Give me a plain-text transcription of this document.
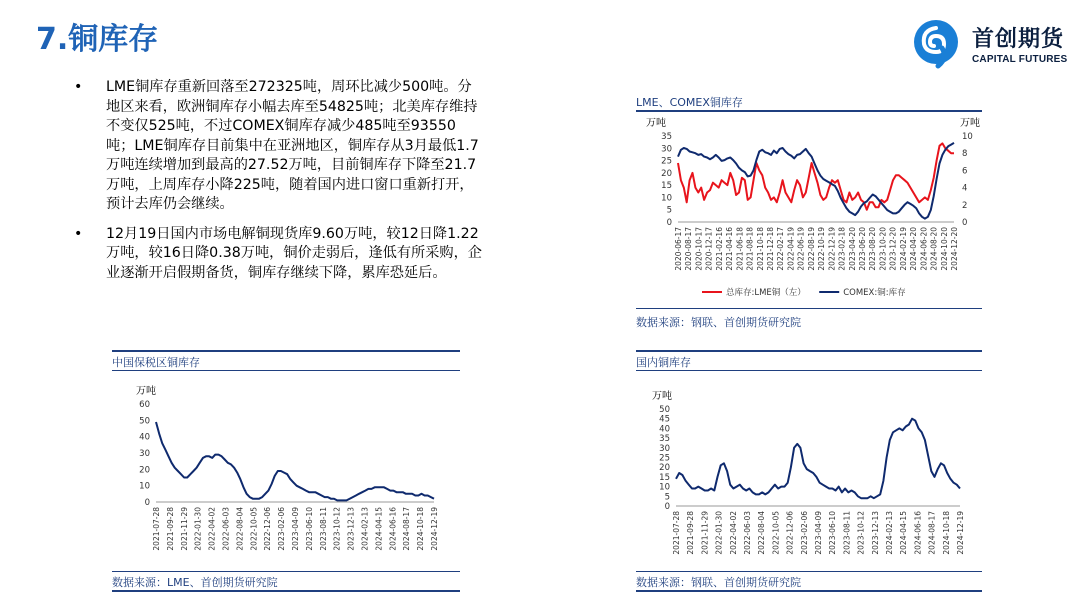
7.铜库存	首创期货
CAPITAL FUTURES
• LME铜库存重新回落至272325吨，周环比减少500吨。分地区来看，欧洲铜库存小幅去库至54825吨；北美库存维持不变仅525吨，不过COMEX铜库存减少485吨至93550吨；LME铜库存目前集中在亚洲地区，铜库存从3月最低1.7万吨连续增加到最高的27.52万吨，目前铜库存下降至21.7万吨，上周库存小降225吨，随着国内进口窗口重新打开，预计去库仍会继续。
• 12月19日国内市场电解铜现货库9.60万吨，较12日降1.22万吨，较16日降0.38万吨，铜价走弱后，逢低有所采购，企业逐渐开启假期备货，铜库存继续下降，累库恐延后。
LME、COMEX铜库存
万吨
0
5
10
15
20
25
30
35
万吨
0
2
4
6
8
10
2020-06-17 2020-08-17 2020-10-17 2020-12-17 2021-02-16 2021-04-16 2021-06-18 2021-08-18 2021-10-18 2021-12-18 2022-02-17 2022-04-19 2022-06-19 2022-08-19 2022-10-19 2022-12-19 2023-02-18 2023-04-20 2023-06-20 2023-08-20 2023-10-20 2023-12-20 2024-02-19 2024-04-20 2024-06-20 2024-08-20 2024-10-20 2024-12-20
总库存:LME铜（左）	COMEX:铜:库存
数据来源：钢联、首创期货研究院
中国保税区铜库存
万吨
0
10
20
30
40
50
60
2021-07-28 2021-09-28 2021-11-29 2022-01-30 2022-04-02 2022-06-03 2022-08-04 2022-10-05 2022-12-06 2023-02-06 2023-04-09 2023-06-10 2023-08-11 2023-10-12 2023-12-13 2024-02-13 2024-04-15 2024-06-16 2024-08-17 2024-10-18 2024-12-19
数据来源：LME、首创期货研究院
国内铜库存
万吨
0
5
10
15
20
25
30
35
40
45
50
2021-07-28 2021-09-28 2021-11-29 2022-01-30 2022-04-02 2022-06-03 2022-08-04 2022-10-05 2022-12-06 2023-02-06 2023-04-09 2023-06-10 2023-08-11 2023-10-12 2023-12-13 2024-02-13 2024-04-15 2024-06-16 2024-08-17 2024-10-18 2024-12-19
数据来源：钢联、首创期货研究院
